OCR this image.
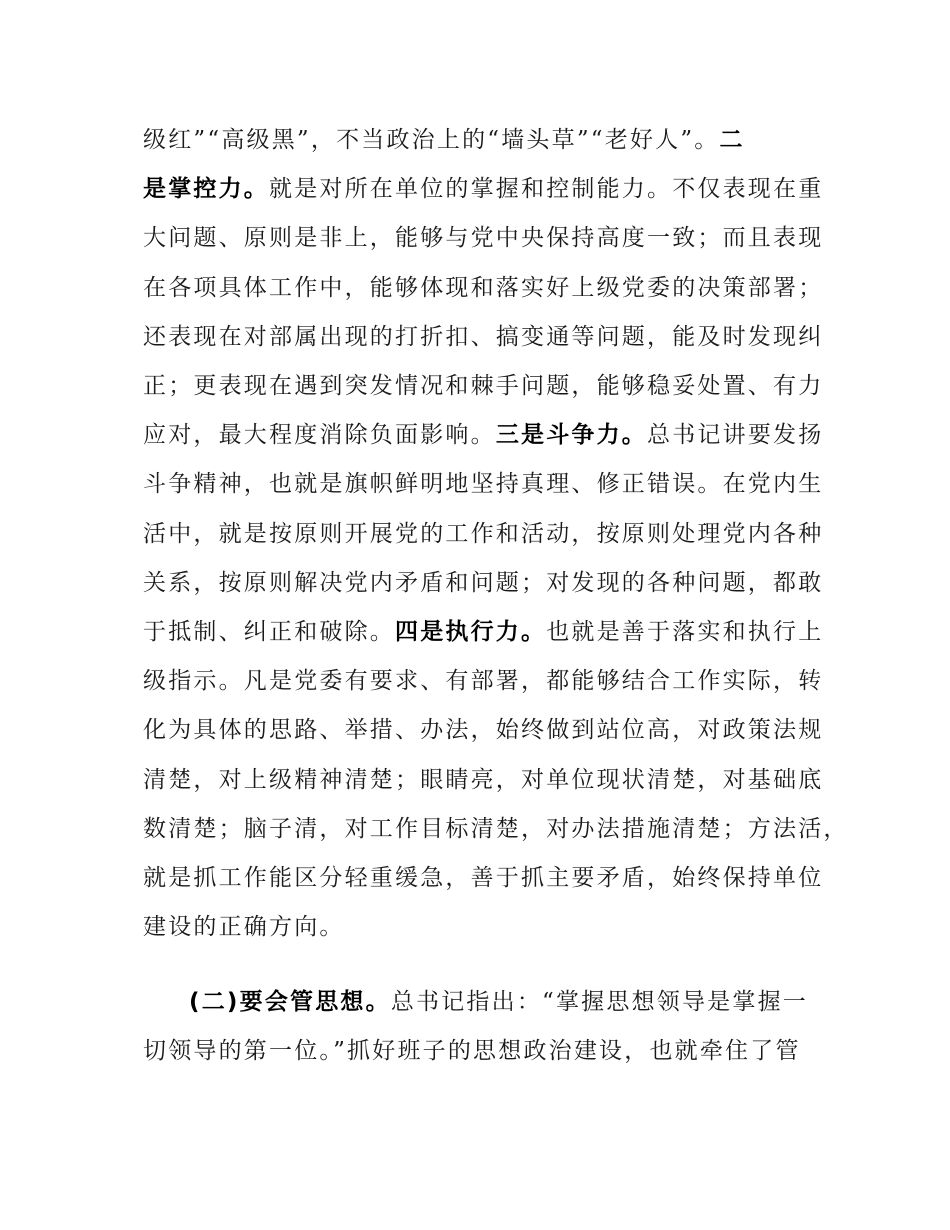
级红”“高级黑”，不当政治上的“墙头草”“老好人”。二
是掌控力。就是对所在单位的掌握和控制能力。不仅表现在重
大问题、原则是非上，能够与党中央保持高度一致；而且表现
在各项具体工作中，能够体现和落实好上级党委的决策部署；
还表现在对部属出现的打折扣、搞变通等问题，能及时发现纠
正；更表现在遇到突发情况和棘手问题，能够稳妥处置、有力
应对，最大程度消除负面影响。三是斗争力。总书记讲要发扬
斗争精神，也就是旗帜鲜明地坚持真理、修正错误。在党内生
活中，就是按原则开展党的工作和活动，按原则处理党内各种
关系，按原则解决党内矛盾和问题；对发现的各种问题，都敢
于抵制、纠正和破除。四是执行力。也就是善于落实和执行上
级指示。凡是党委有要求、有部署，都能够结合工作实际，转
化为具体的思路、举措、办法，始终做到站位高，对政策法规
清楚，对上级精神清楚；眼睛亮，对单位现状清楚，对基础底
数清楚；脑子清，对工作目标清楚，对办法措施清楚；方法活，
就是抓工作能区分轻重缓急，善于抓主要矛盾，始终保持单位
建设的正确方向。
(二)要会管思想。总书记指出：“掌握思想领导是掌握一
切领导的第一位。”抓好班子的思想政治建设，也就牵住了管
